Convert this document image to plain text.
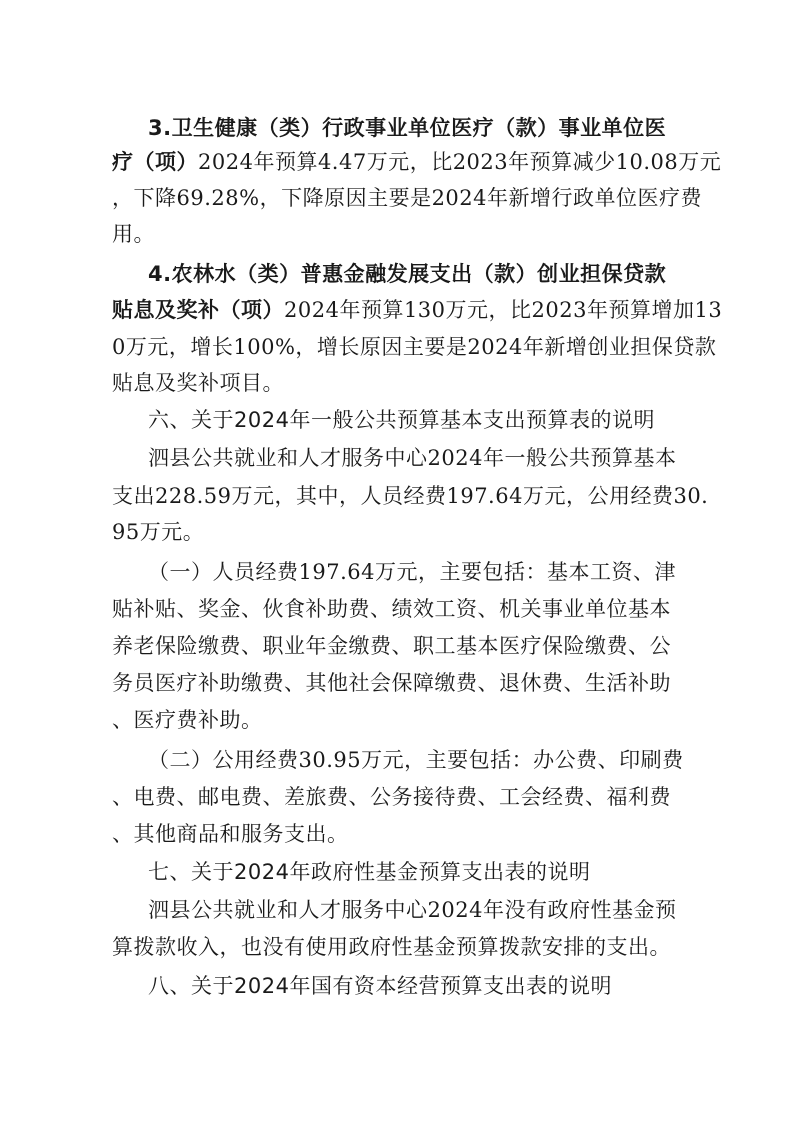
3.卫生健康（类）行政事业单位医疗（款）事业单位医
疗（项）2024年预算4.47万元，比2023年预算减少10.08万元
，下降69.28%，下降原因主要是2024年新增行政单位医疗费
用。
4.农林水（类）普惠金融发展支出（款）创业担保贷款
贴息及奖补（项）2024年预算130万元，比2023年预算增加13
0万元，增长100%，增长原因主要是2024年新增创业担保贷款
贴息及奖补项目。
六、关于2024年一般公共预算基本支出预算表的说明
泗县公共就业和人才服务中心2024年一般公共预算基本
支出228.59万元，其中，人员经费197.64万元，公用经费30.
95万元。
（一）人员经费197.64万元，主要包括：基本工资、津
贴补贴、奖金、伙食补助费、绩效工资、机关事业单位基本
养老保险缴费、职业年金缴费、职工基本医疗保险缴费、公
务员医疗补助缴费、其他社会保障缴费、退休费、生活补助
、医疗费补助。
（二）公用经费30.95万元，主要包括：办公费、印刷费
、电费、邮电费、差旅费、公务接待费、工会经费、福利费
、其他商品和服务支出。
七、关于2024年政府性基金预算支出表的说明
泗县公共就业和人才服务中心2024年没有政府性基金预
算拨款收入，也没有使用政府性基金预算拨款安排的支出。
八、关于2024年国有资本经营预算支出表的说明
